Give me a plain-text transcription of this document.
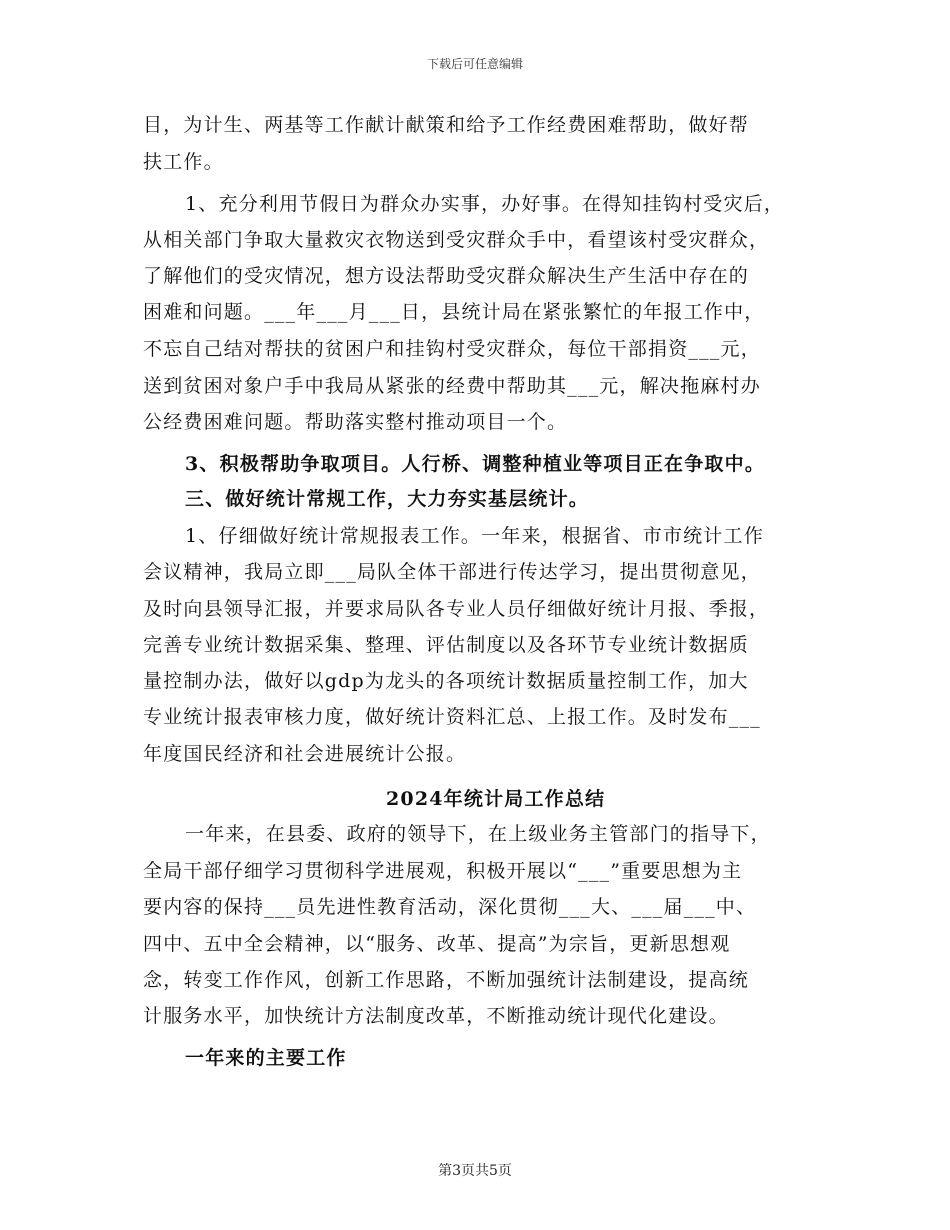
下载后可任意编辑
目，为计生、两基等工作献计献策和给予工作经费困难帮助，做好帮
扶工作。
1、充分利用节假日为群众办实事，办好事。在得知挂钩村受灾后，
从相关部门争取大量救灾衣物送到受灾群众手中，看望该村受灾群众，
了解他们的受灾情况，想方设法帮助受灾群众解决生产生活中存在的
困难和问题。___年___月___日，县统计局在紧张繁忙的年报工作中，
不忘自己结对帮扶的贫困户和挂钩村受灾群众，每位干部捐资___元，
送到贫困对象户手中我局从紧张的经费中帮助其___元，解决拖麻村办
公经费困难问题。帮助落实整村推动项目一个。
3、积极帮助争取项目。人行桥、调整种植业等项目正在争取中。
三、做好统计常规工作，大力夯实基层统计。
1、仔细做好统计常规报表工作。一年来，根据省、市市统计工作
会议精神，我局立即___局队全体干部进行传达学习，提出贯彻意见，
及时向县领导汇报，并要求局队各专业人员仔细做好统计月报、季报，
完善专业统计数据采集、整理、评估制度以及各环节专业统计数据质
量控制办法，做好以gdp为龙头的各项统计数据质量控制工作，加大
专业统计报表审核力度，做好统计资料汇总、上报工作。及时发布___
年度国民经济和社会进展统计公报。
2024年统计局工作总结
一年来，在县委、政府的领导下，在上级业务主管部门的指导下，
全局干部仔细学习贯彻科学进展观，积极开展以“___”重要思想为主
要内容的保持___员先进性教育活动，深化贯彻___大、___届___中、
四中、五中全会精神，以“服务、改革、提高”为宗旨，更新思想观
念，转变工作作风，创新工作思路，不断加强统计法制建设，提高统
计服务水平，加快统计方法制度改革，不断推动统计现代化建设。
一年来的主要工作
第3页共5页
